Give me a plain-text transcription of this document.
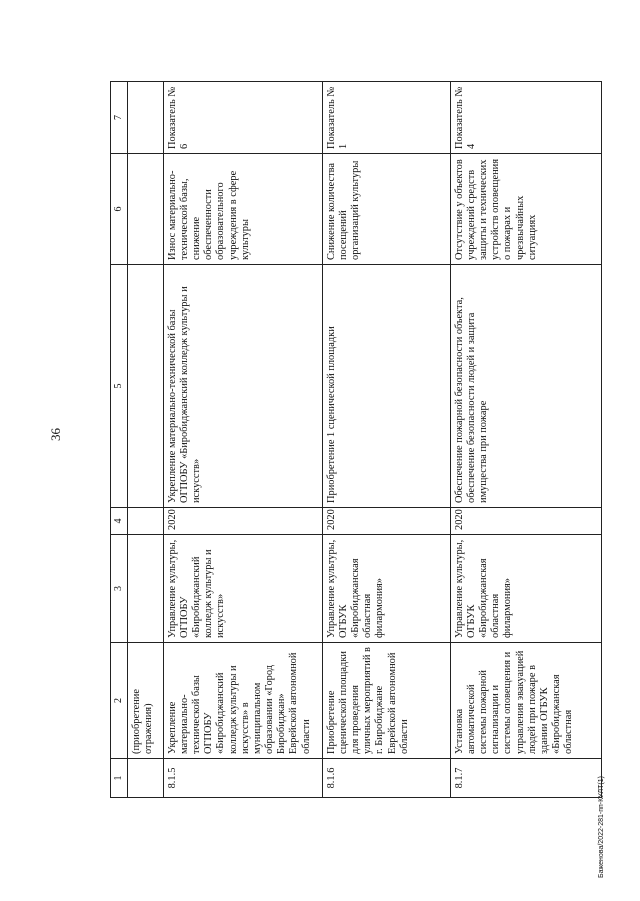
36
Баженова/2022-281-пп-КУЛТ(1)
1	2	3	4	5	6	7
	(приобретение отражения)					
8.1.5	Укрепление материально-технической базы ОГПОБУ «Биробиджанский колледж культуры и искусств» в муниципальном образовании «Город Биробиджан» Еврейской автономной области	Управление культуры, ОГПОБУ «Биробиджанский колледж культуры и искусств»	2020	Укрепление материально-технической базы ОГПОБУ «Биробиджанский колледж культуры и искусств»	Износ материально-технической базы, снижение обеспеченности образовательного учреждения в сфере культуры	Показатель № 6
8.1.6	Приобретение сценической площадки для проведения уличных мероприятий в г. Биробиджане Еврейской автономной области	Управление культуры, ОГБУК «Биробиджанская областная филармония»	2020	Приобретение 1 сценической площадки	Снижение количества посещений организаций культуры	Показатель № 1
8.1.7	Установка автоматической системы пожарной сигнализации и системы оповещения и управления эвакуацией людей при пожаре в здании ОГБУК «Биробиджанская областная	Управление культуры, ОГБУК «Биробиджанская областная филармония»	2020	Обеспечение пожарной безопасности объекта, обеспечение безопасности людей и защита имущества при пожаре	Отсутствие у объектов учреждений средств защиты и технических устройств оповещения о пожарах и чрезвычайных ситуациях	Показатель № 4
